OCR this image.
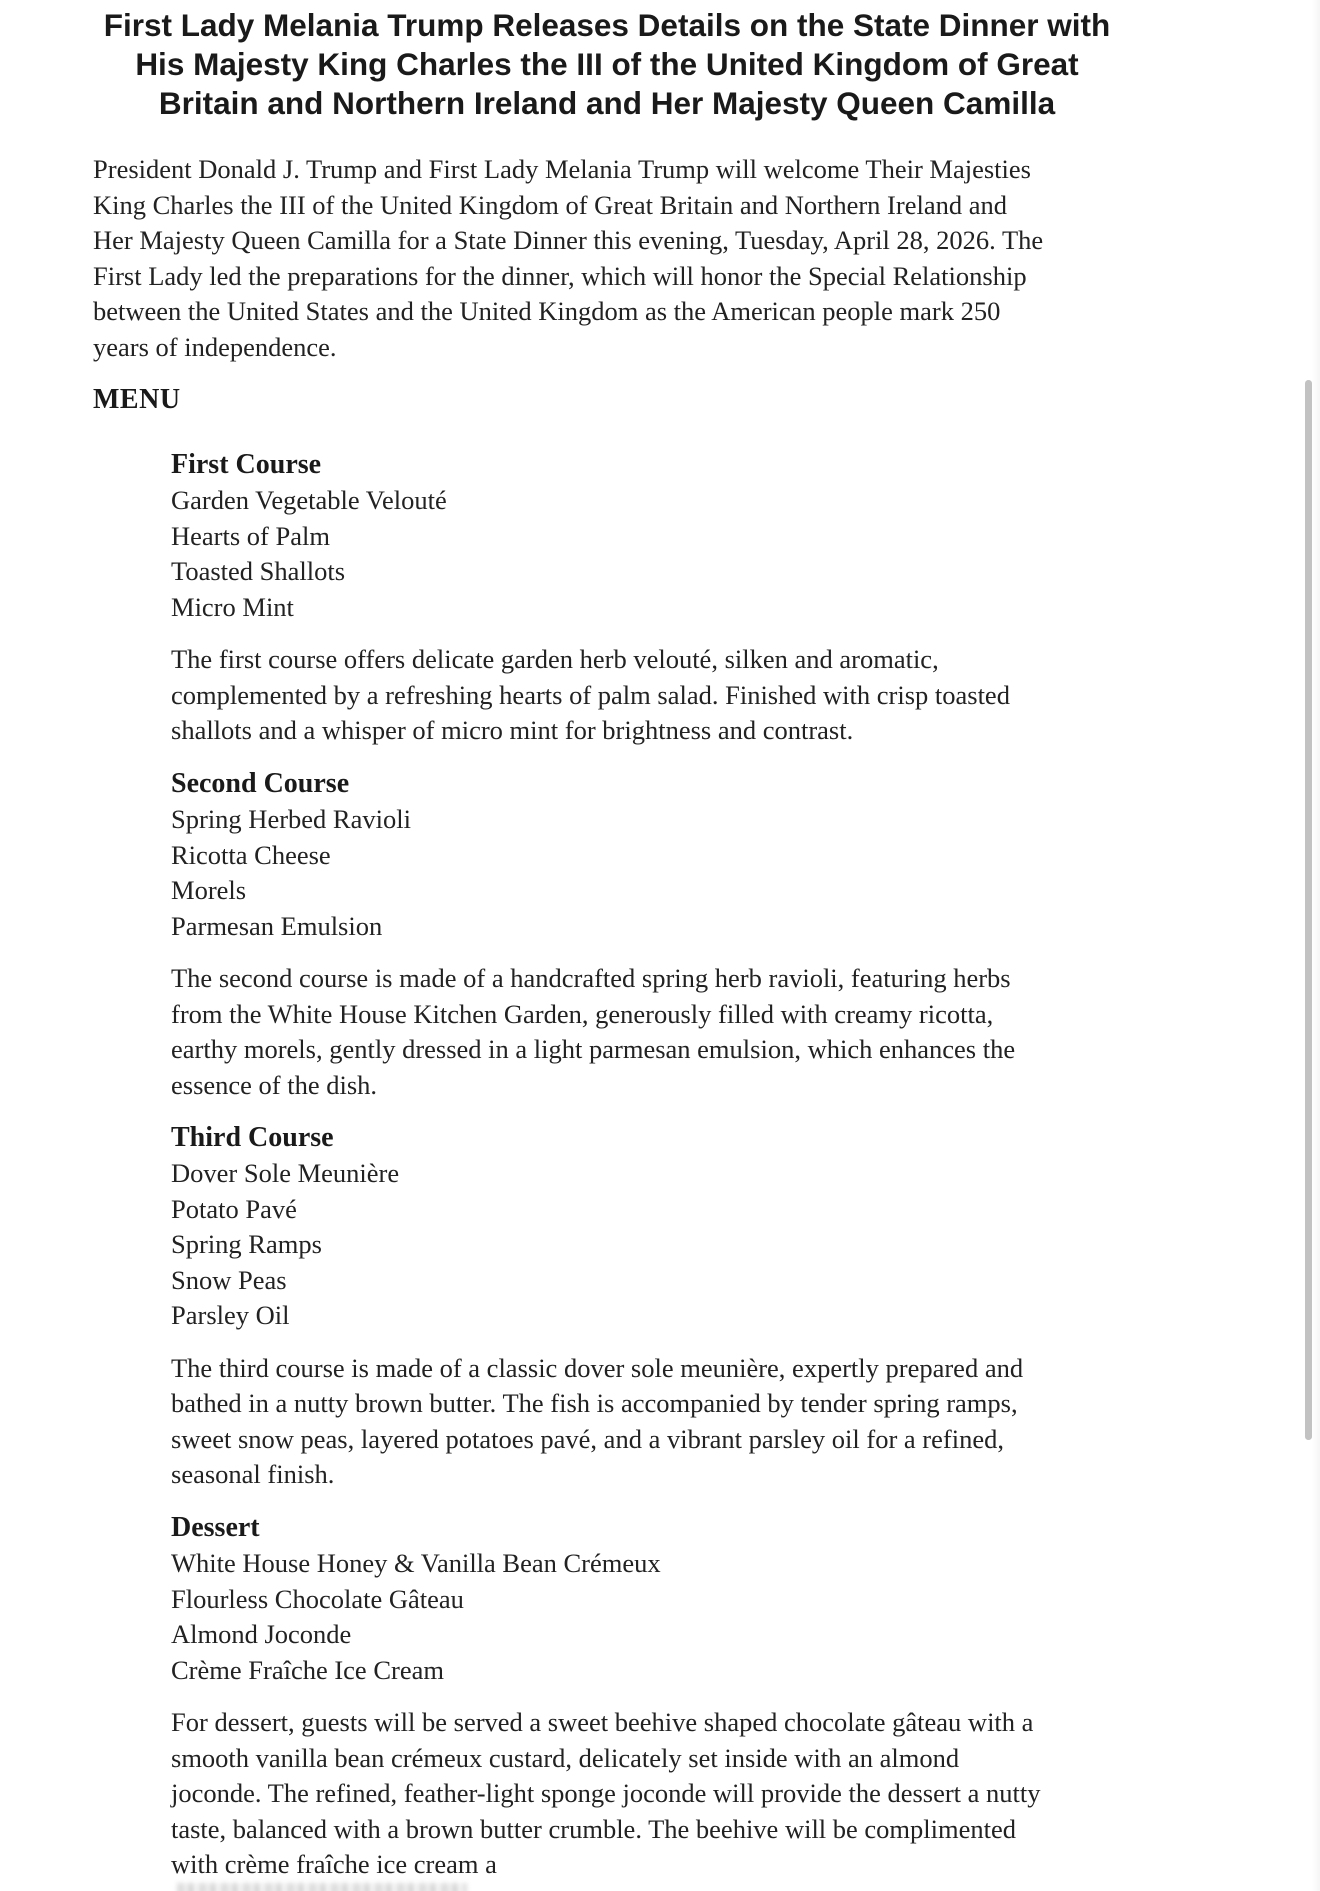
First Lady Melania Trump Releases Details on the State Dinner with
His Majesty King Charles the III of the United Kingdom of Great
Britain and Northern Ireland and Her Majesty Queen Camilla

President Donald J. Trump and First Lady Melania Trump will welcome Their Majesties
King Charles the III of the United Kingdom of Great Britain and Northern Ireland and
Her Majesty Queen Camilla for a State Dinner this evening, Tuesday, April 28, 2026. The
First Lady led the preparations for the dinner, which will honor the Special Relationship
between the United States and the United Kingdom as the American people mark 250
years of independence.

MENU
First Course
Garden Vegetable Velouté
Hearts of Palm
Toasted Shallots
Micro Mint

The first course offers delicate garden herb velouté, silken and aromatic,
complemented by a refreshing hearts of palm salad. Finished with crisp toasted
shallots and a whisper of micro mint for brightness and contrast.

Second Course
Spring Herbed Ravioli
Ricotta Cheese
Morels
Parmesan Emulsion

The second course is made of a handcrafted spring herb ravioli, featuring herbs
from the White House Kitchen Garden, generously filled with creamy ricotta,
earthy morels, gently dressed in a light parmesan emulsion, which enhances the
essence of the dish.

Third Course
Dover Sole Meunière
Potato Pavé
Spring Ramps
Snow Peas
Parsley Oil

The third course is made of a classic dover sole meunière, expertly prepared and
bathed in a nutty brown butter. The fish is accompanied by tender spring ramps,
sweet snow peas, layered potatoes pavé, and a vibrant parsley oil for a refined,
seasonal finish.

Dessert
White House Honey & Vanilla Bean Crémeux
Flourless Chocolate Gâteau
Almond Joconde
Crème Fraîche Ice Cream

For dessert, guests will be served a sweet beehive shaped chocolate gâteau with a
smooth vanilla bean crémeux custard, delicately set inside with an almond
joconde. The refined, feather-light sponge joconde will provide the dessert a nutty
taste, balanced with a brown butter crumble. The beehive will be complimented
with crème fraîche ice cream a
